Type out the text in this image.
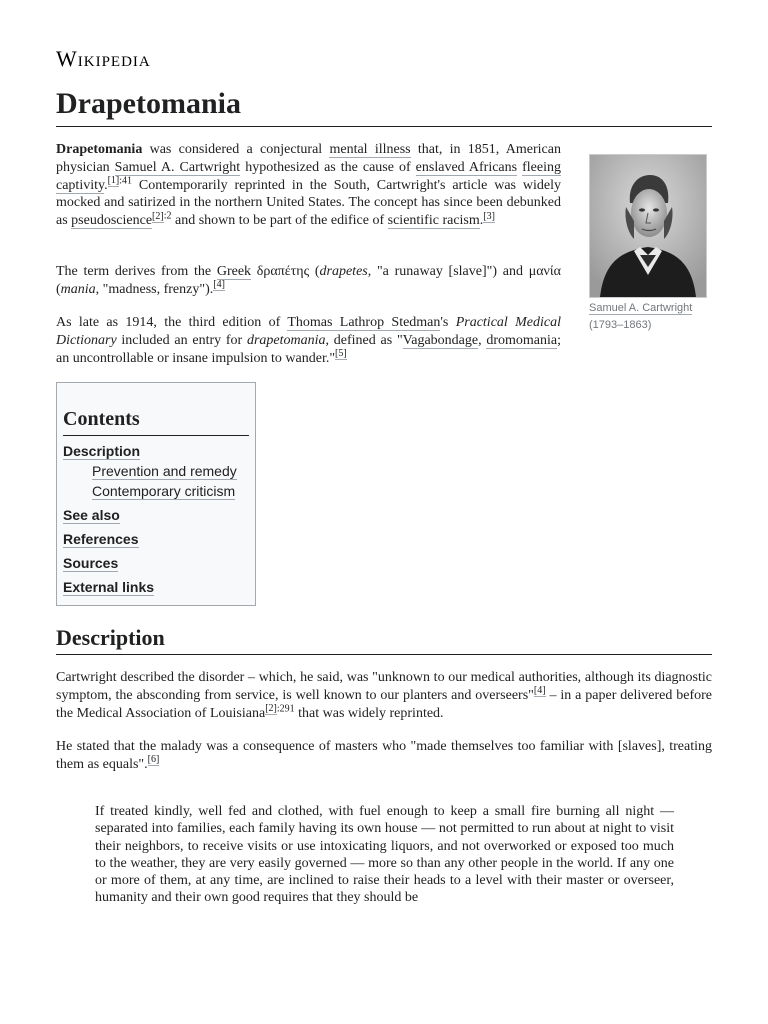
Wikipedia
Drapetomania

Drapetomania was considered a conjectural mental illness that, in 1851, American physician Samuel A. Cartwright hypothesized as the cause of enslaved Africans fleeing captivity.$^{[1]:41}$ Contemporarily reprinted in the South, Cartwright's article was widely mocked and satirized in the northern United States. The concept has since been debunked as pseudoscience$^{[2]:2}$ and shown to be part of the edifice of scientific racism.[3]

The term derives from the Greek δραπέτης (drapetes, "a runaway [slave]") and μανία (mania, "madness, frenzy").[4]

As late as 1914, the third edition of Thomas Lathrop Stedman's Practical Medical Dictionary included an entry for drapetomania, defined as "Vagabondage, dromomania; an uncontrollable or insane impulsion to wander."[5]

Samuel A. Cartwright (1793–1863)
Contents
Description
Prevention and remedy
Contemporary criticism
See also
References
Sources
External links
Description

Cartwright described the disorder – which, he said, was "unknown to our medical authorities, although its diagnostic symptom, the absconding from service, is well known to our planters and overseers"[4] – in a paper delivered before the Medical Association of Louisiana$^{[2]:291}$ that was widely reprinted.

He stated that the malady was a consequence of masters who "made themselves too familiar with [slaves], treating them as equals".[6]

If treated kindly, well fed and clothed, with fuel enough to keep a small fire burning all night — separated into families, each family having its own house — not permitted to run about at night to visit their neighbors, to receive visits or use intoxicating liquors, and not overworked or exposed too much to the weather, they are very easily governed — more so than any other people in the world. If any one or more of them, at any time, are inclined to raise their heads to a level with their master or overseer, humanity and their own good requires that they should be
